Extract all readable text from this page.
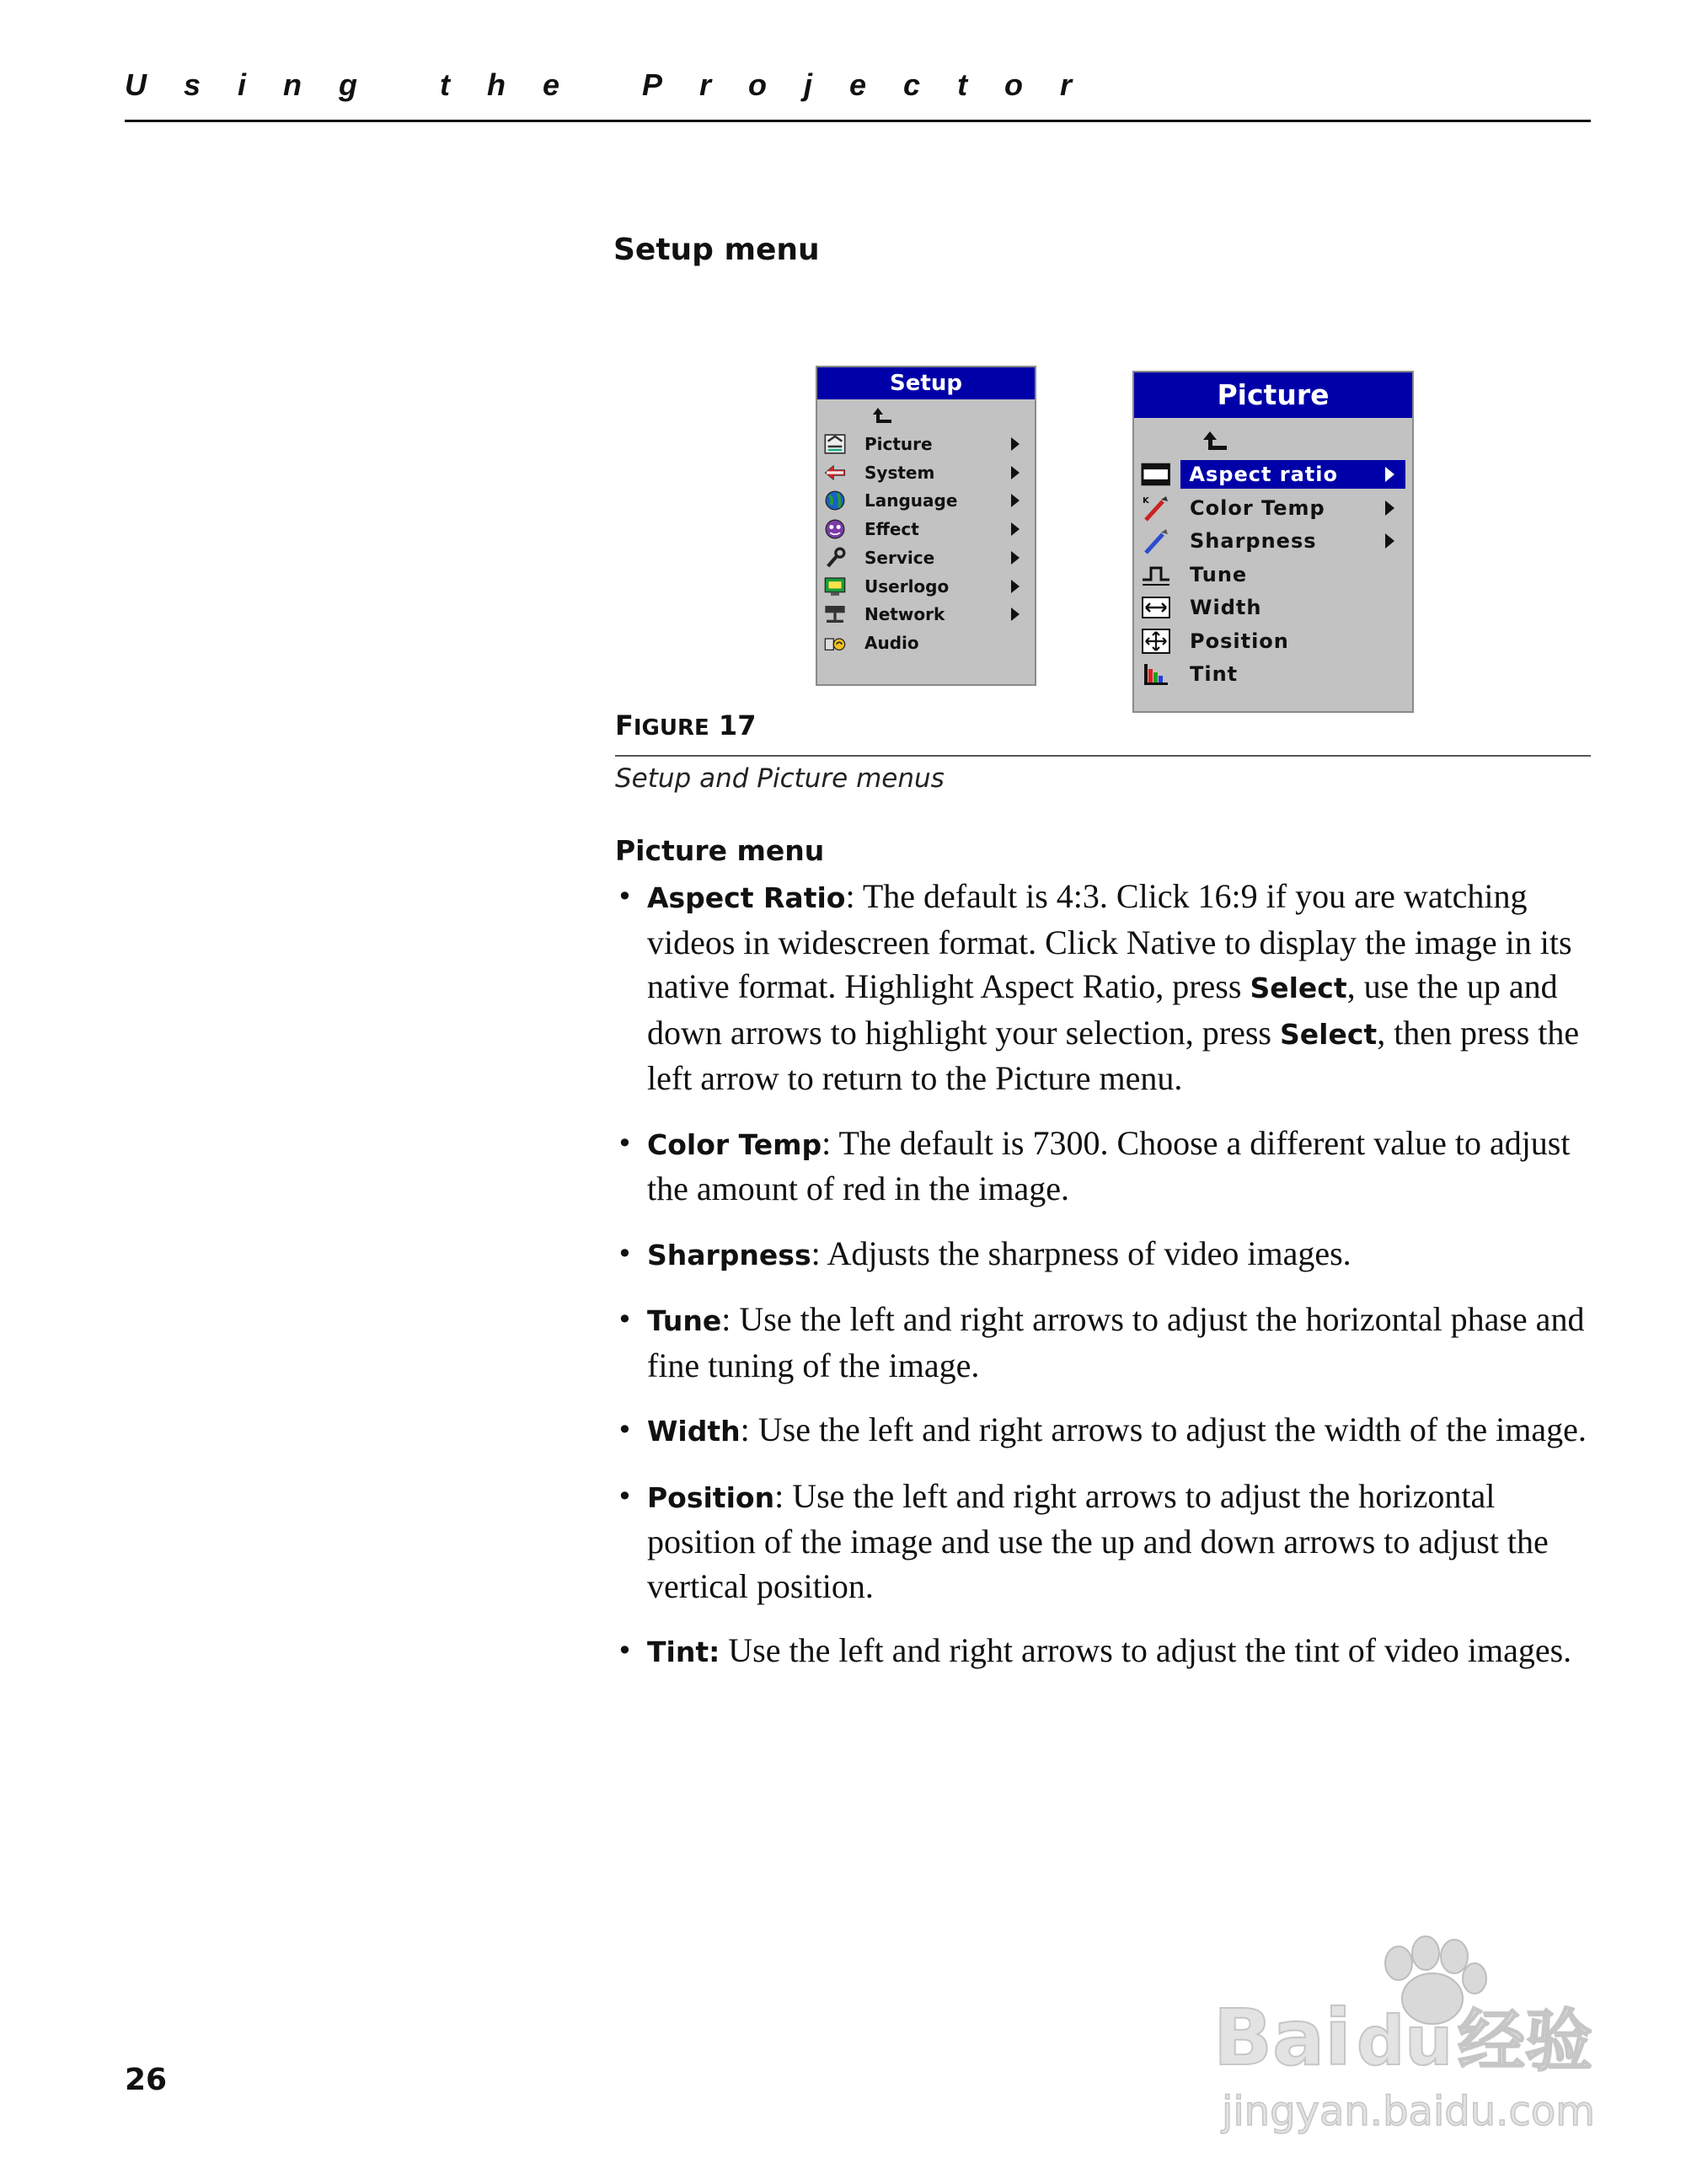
Using the Projector
Setup menu
Setup
Picture
System
Language
Effect
Service
Userlogo
Network
Audio
Picture
Aspect ratio
K Color Temp
Sharpness
Tune
Width
Position
Tint
FIGURE 17
Setup and Picture menus
Picture menu
• Aspect Ratio: The default is 4:3. Click 16:9 if you are watching videos in widescreen format. Click Native to display the image in its native format. Highlight Aspect Ratio, press Select, use the up and down arrows to highlight your selection, press Select, then press the left arrow to return to the Picture menu.
• Color Temp: The default is 7300. Choose a different value to adjust the amount of red in the image.
• Sharpness: Adjusts the sharpness of video images.
• Tune: Use the left and right arrows to adjust the horizontal phase and fine tuning of the image.
• Width: Use the left and right arrows to adjust the width of the image.
• Position: Use the left and right arrows to adjust the horizontal position of the image and use the up and down arrows to adjust the vertical position.
• Tint: Use the left and right arrows to adjust the tint of video images.
26	Bai du 经验
jingyan.baidu.com
